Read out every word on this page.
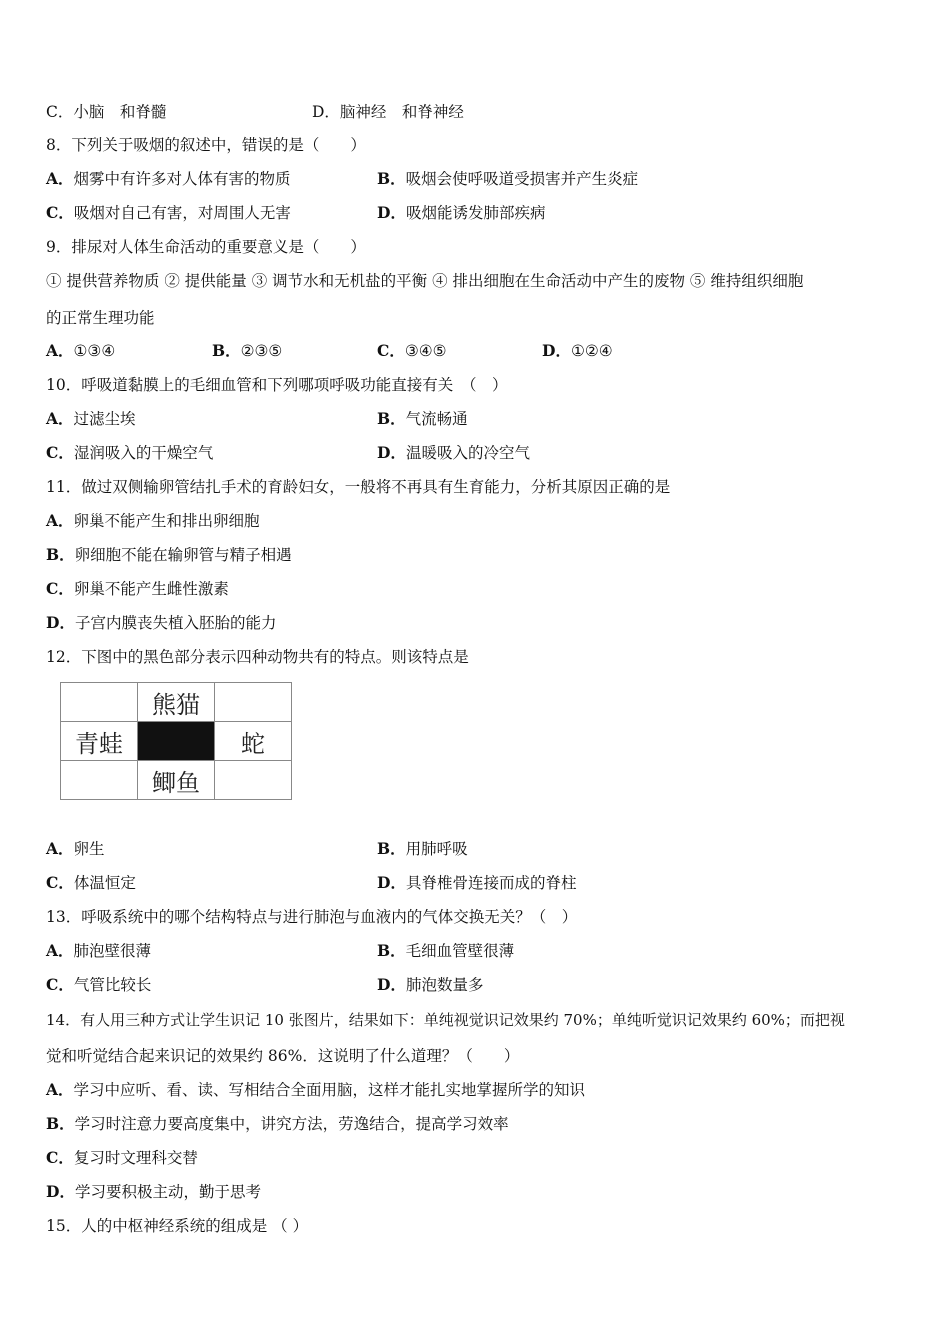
C．小脑　和脊髓	D．脑神经　和脊神经
8．下列关于吸烟的叙述中，错误的是（　　）
A．烟雾中有许多对人体有害的物质	B．吸烟会使呼吸道受损害并产生炎症
C．吸烟对自己有害，对周围人无害	D．吸烟能诱发肺部疾病
9．排尿对人体生命活动的重要意义是（　　）
① 提供营养物质 ② 提供能量 ③ 调节水和无机盐的平衡 ④ 排出细胞在生命活动中产生的废物 ⑤ 维持组织细胞
的正常生理功能
A．①③④	B．②③⑤	C．③④⑤	D．①②④
10．呼吸道黏膜上的毛细血管和下列哪项呼吸功能直接有关　（　）
A．过滤尘埃	B．气流畅通
C．湿润吸入的干燥空气	D．温暖吸入的冷空气
11．做过双侧输卵管结扎手术的育龄妇女，一般将不再具有生育能力，分析其原因正确的是
A．卵巢不能产生和排出卵细胞
B．卵细胞不能在输卵管与精子相遇
C．卵巢不能产生雌性激素
D．子宫内膜丧失植入胚胎的能力
12．下图中的黑色部分表示四种动物共有的特点。则该特点是
熊猫
青蛙	蛇
鲫鱼
A．卵生	B．用肺呼吸
C．体温恒定	D．具脊椎骨连接而成的脊柱
13．呼吸系统中的哪个结构特点与进行肺泡与血液内的气体交换无关？（　）
A．肺泡壁很薄	B．毛细血管壁很薄
C．气管比较长	D．肺泡数量多
14．有人用三种方式让学生识记 10 张图片，结果如下：单纯视觉识记效果约 70%；单纯听觉识记效果约 60%；而把视
觉和听觉结合起来识记的效果约 86%．这说明了什么道理？（　　）
A．学习中应听、看、读、写相结合全面用脑，这样才能扎实地掌握所学的知识
B．学习时注意力要高度集中，讲究方法，劳逸结合，提高学习效率
C．复习时文理科交替
D．学习要积极主动，勤于思考
15．人的中枢神经系统的组成是 （ ）
